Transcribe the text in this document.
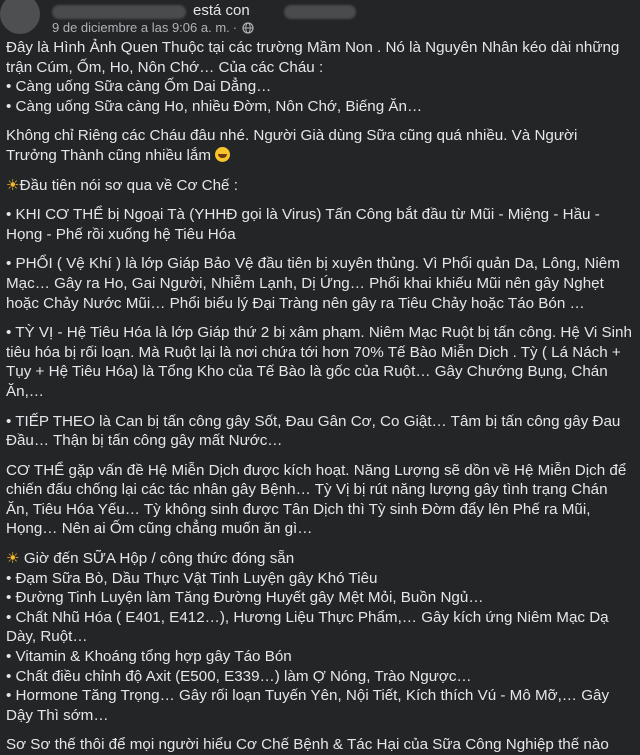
está con
9 de diciembre a las 9:06 a. m. ·

Đây là Hình Ảnh Quen Thuộc tại các trường Mầm Non . Nó là Nguyên Nhân kéo dài những trận Cúm, Ốm, Ho, Nôn Chớ… Của các Cháu :

• Càng uống Sữa càng Ốm Dai Dẳng…

• Càng uống Sữa càng Ho, nhiều Đờm, Nôn Chớ, Biếng Ăn…

Không chỉ Riêng các Cháu đâu nhé. Người Già dùng Sữa cũng quá nhiều. Và Người Trưởng Thành cũng nhiều lắm

☀Đầu tiên nói sơ qua về Cơ Chế :

• KHI CƠ THỂ bị Ngoại Tà (YHHĐ gọi là Virus) Tấn Công bắt đầu từ Mũi - Miệng - Hầu - Họng - Phế rồi xuống hệ Tiêu Hóa

• PHỔI ( Vệ Khí ) là lớp Giáp Bảo Vệ đầu tiên bị xuyên thủng. Vì Phổi quản Da, Lông, Niêm Mạc… Gây ra Ho, Gai Người, Nhiễm Lạnh, Dị Ứng… Phổi khai khiếu Mũi nên gây Nghẹt hoặc Chảy Nước Mũi… Phổi biểu lý Đại Tràng nên gây ra Tiêu Chảy hoặc Táo Bón …

• TỲ VỊ - Hệ Tiêu Hóa là lớp Giáp thứ 2 bị xâm phạm. Niêm Mạc Ruột bị tấn công. Hệ Vi Sinh tiêu hóa bị rối loạn. Mà Ruột lại là nơi chứa tới hơn 70% Tế Bào Miễn Dịch . Tỳ ( Lá Nách + Tụy + Hệ Tiêu Hóa) là Tổng Kho của Tế Bào là gốc của Ruột… Gây Chướng Bụng, Chán Ăn,…

• TIẾP THEO là Can bị tấn công gây Sốt, Đau Gân Cơ, Co Giật… Tâm bị tấn công gây Đau Đầu… Thận bị tấn công gây mất Nước…

CƠ THỂ gặp vấn đề Hệ Miễn Dịch được kích hoạt. Năng Lượng sẽ dồn về Hệ Miễn Dịch để chiến đấu chống lại các tác nhân gây Bệnh… Tỳ Vị bị rút năng lượng gây tình trạng Chán Ăn, Tiêu Hóa Yếu… Tỳ không sinh được Tân Dịch thì Tỳ sinh Đờm đẩy lên Phế ra Mũi, Họng… Nên ai Ốm cũng chẳng muốn ăn gì…

☀ Giờ đến SỮA Hộp / công thức đóng sẵn

• Đạm Sữa Bò, Dầu Thực Vật Tinh Luyện gây Khó Tiêu

• Đường Tinh Luyện làm Tăng Đường Huyết gây Mệt Mỏi, Buồn Ngủ…

• Chất Nhũ Hóa ( E401, E412…), Hương Liệu Thực Phẩm,… Gây kích ứng Niêm Mạc Dạ Dày, Ruột…

• Vitamin & Khoáng tổng hợp gây Táo Bón

• Chất điều chỉnh độ Axit (E500, E339…) làm Ợ Nóng, Trào Ngược…

• Hormone Tăng Trọng… Gây rối loạn Tuyến Yên, Nội Tiết, Kích thích Vú - Mô Mỡ,… Gây Dậy Thì sớm…

Sơ Sơ thế thôi để mọi người hiểu Cơ Chế Bệnh & Tác Hại của Sữa Công Nghiệp thế nào
